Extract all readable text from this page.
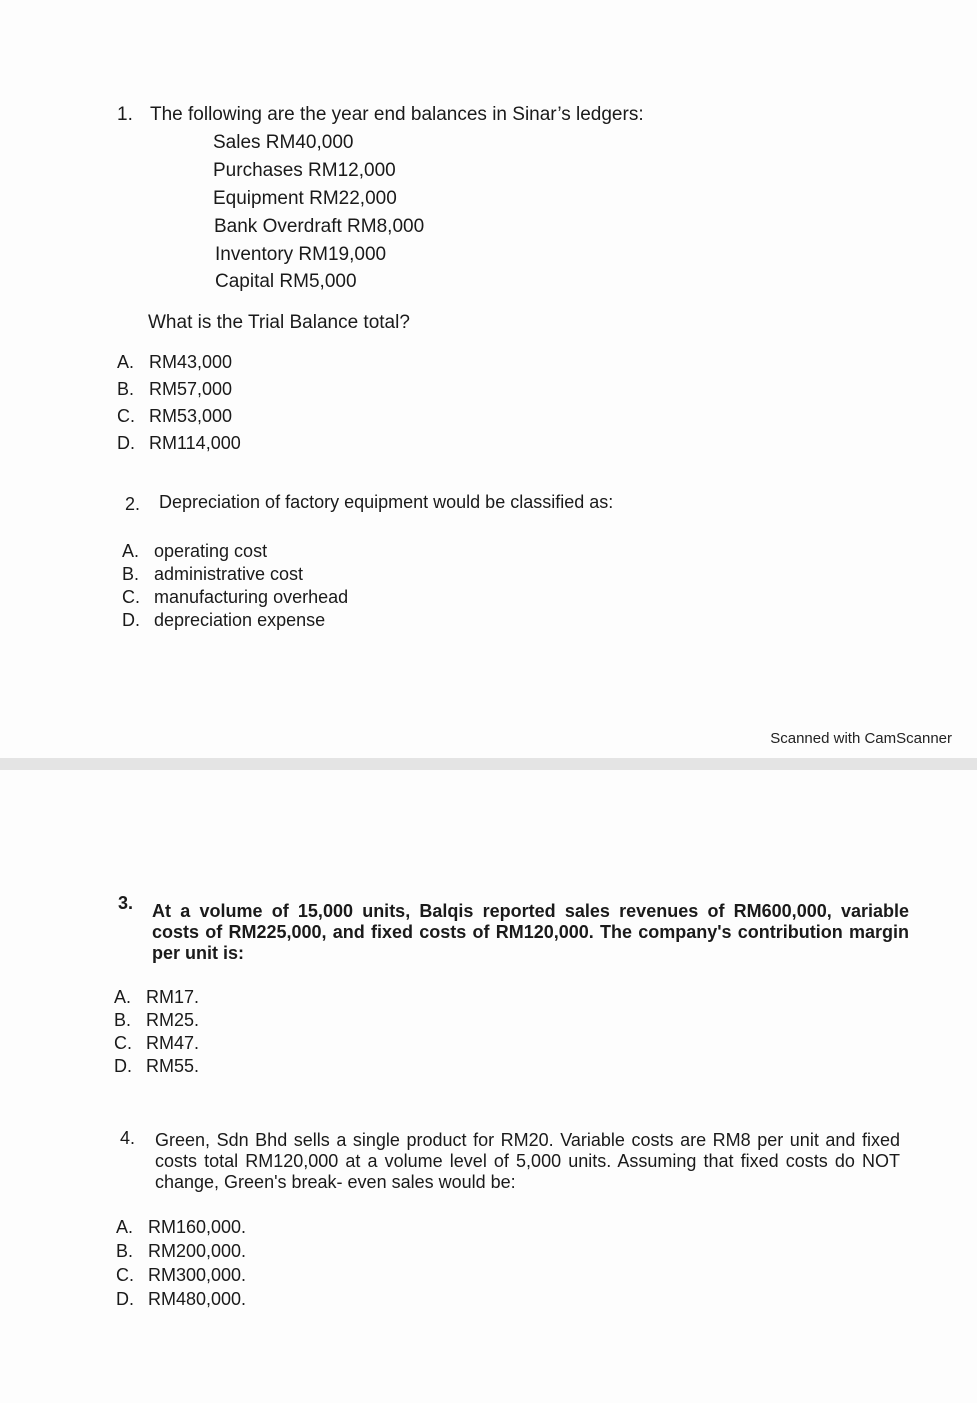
1. The following are the year end balances in Sinar’s ledgers:
Sales RM40,000
Purchases RM12,000
Equipment RM22,000
Bank Overdraft RM8,000
Inventory RM19,000
Capital RM5,000
What is the Trial Balance total?
A. RM43,000
B. RM57,000
C. RM53,000
D. RM114,000
2. Depreciation of factory equipment would be classified as:
A. operating cost
B. administrative cost
C. manufacturing overhead
D. depreciation expense
Scanned with CamScanner
3. At a volume of 15,000 units, Balqis reported sales revenues of RM600,000, variable costs of RM225,000, and fixed costs of RM120,000. The company's contribution margin per unit is:
A. RM17.
B. RM25.
C. RM47.
D. RM55.
4. Green, Sdn Bhd sells a single product for RM20. Variable costs are RM8 per unit and fixed costs total RM120,000 at a volume level of 5,000 units. Assuming that fixed costs do NOT change, Green's break- even sales would be:
A. RM160,000.
B. RM200,000.
C. RM300,000.
D. RM480,000.
